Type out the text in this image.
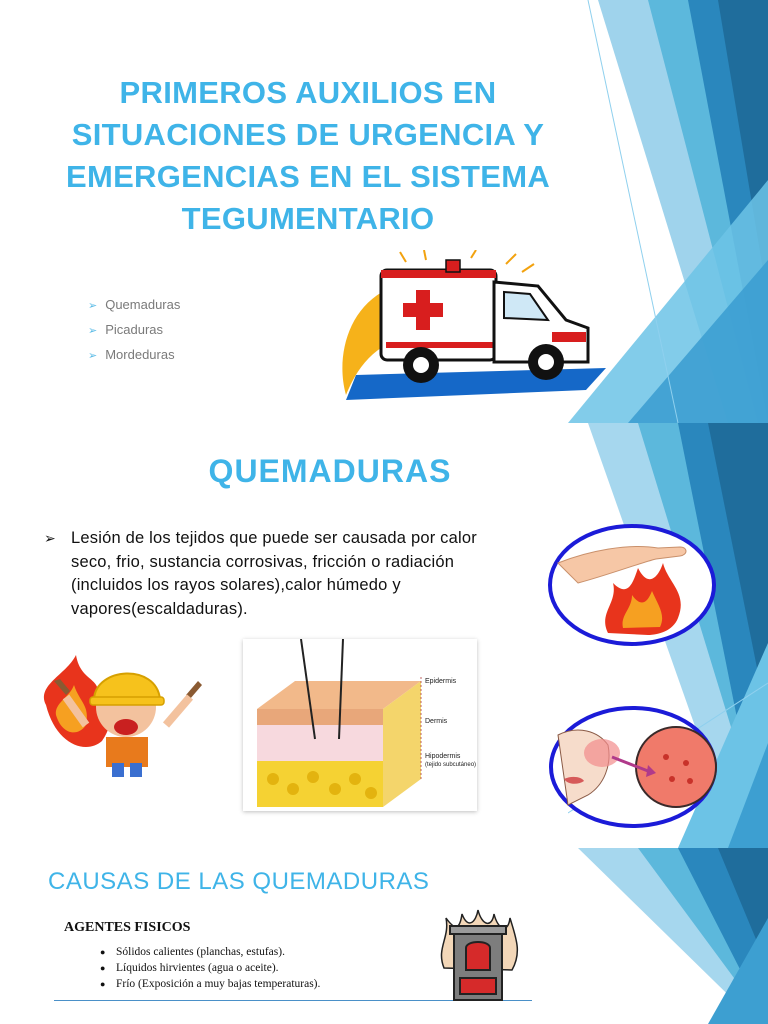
PRIMEROS AUXILIOS EN SITUACIONES DE URGENCIA Y EMERGENCIAS EN EL SISTEMA TEGUMENTARIO
➢ Quemaduras
➢ Picaduras
➢ Mordeduras
QUEMADURAS
➢ Lesión de los tejidos que puede ser causada por calor seco, frio, sustancia corrosivas, fricción o radiación (incluidos los rayos solares),calor húmedo y vapores(escaldaduras).
Epidermis
Dermis
Hipodermis
(tejido subcutáneo)
CAUSAS DE LAS QUEMADURAS
AGENTES FISICOS
● Sólidos calientes (planchas, estufas).
● Líquidos hirvientes (agua o aceite).
● Frío (Exposición a muy bajas temperaturas).
